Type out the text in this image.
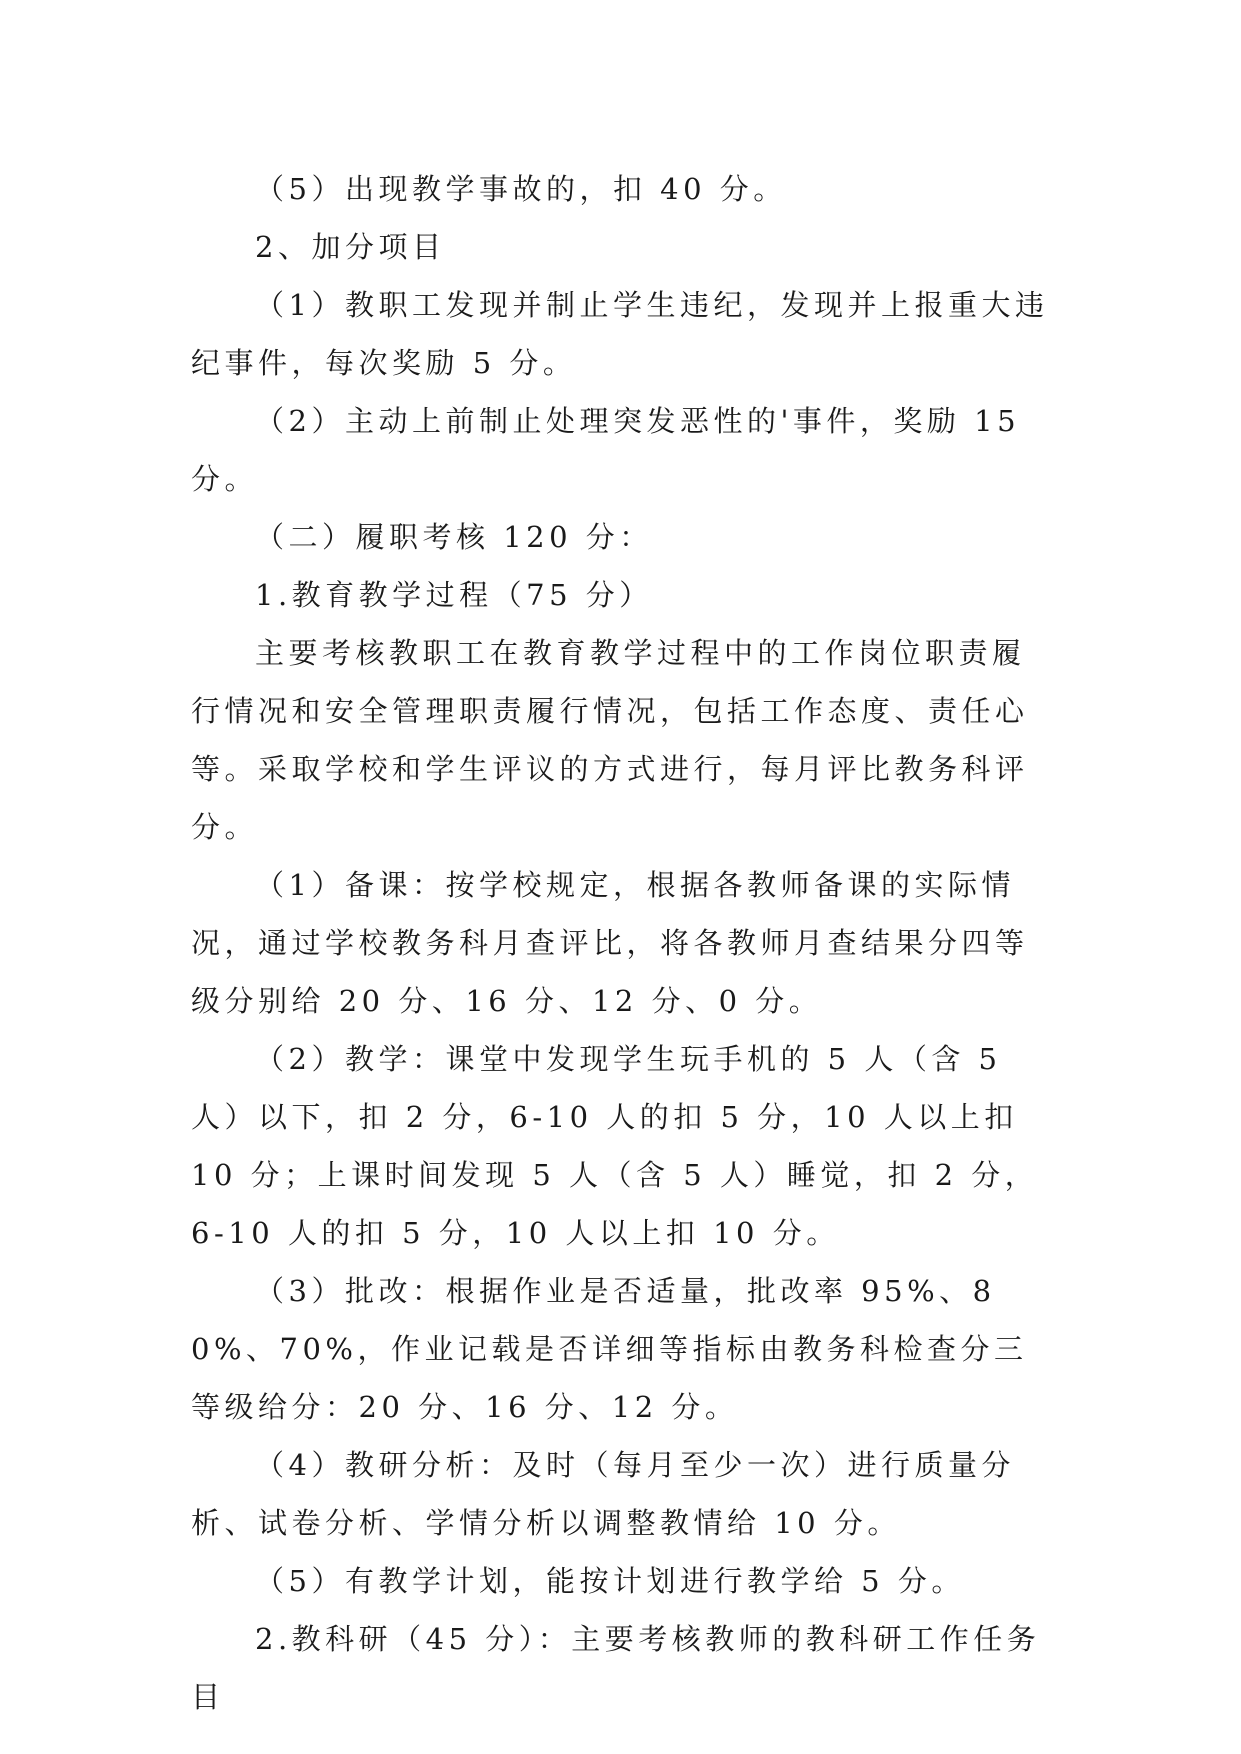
（5）出现教学事故的，扣 40 分。

2、加分项目

（1）教职工发现并制止学生违纪，发现并上报重大违纪事件，每次奖励 5 分。

（2）主动上前制止处理突发恶性的'事件，奖励 15 分。

（二）履职考核 120 分：

1.教育教学过程（75 分）

主要考核教职工在教育教学过程中的工作岗位职责履行情况和安全管理职责履行情况，包括工作态度、责任心等。采取学校和学生评议的方式进行，每月评比教务科评分。

（1）备课：按学校规定，根据各教师备课的实际情况，通过学校教务科月查评比，将各教师月查结果分四等级分别给 20 分、16 分、12 分、0 分。

（2）教学：课堂中发现学生玩手机的 5 人（含 5 人）以下，扣 2 分，6-10 人的扣 5 分，10 人以上扣 10 分；上课时间发现 5 人（含 5 人）睡觉，扣 2 分，6-10 人的扣 5 分，10 人以上扣 10 分。

（3）批改：根据作业是否适量，批改率 95%、80%、70%，作业记载是否详细等指标由教务科检查分三等级给分：20 分、16 分、12 分。

（4）教研分析：及时（每月至少一次）进行质量分析、试卷分析、学情分析以调整教情给 10 分。

（5）有教学计划，能按计划进行教学给 5 分。

2.教科研（45 分）：主要考核教师的教科研工作任务目
